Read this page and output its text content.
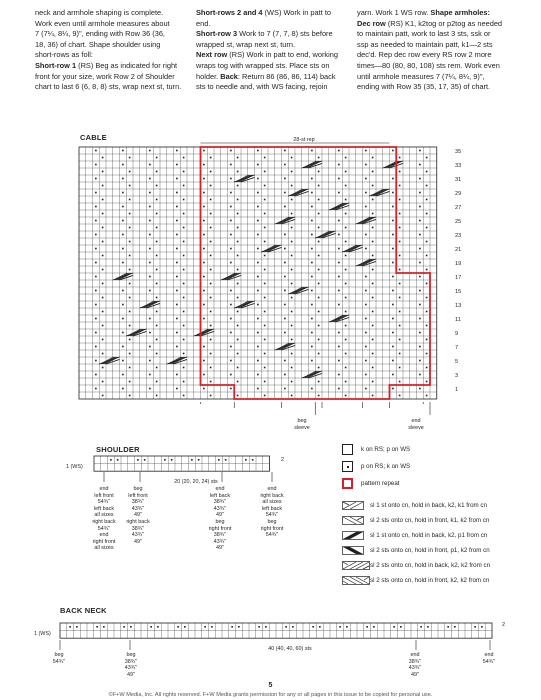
neck and armhole shaping is complete.
Work even until armhole measures about
7 (7¼, 8¼, 9)", ending with Row 36 (36,
18, 36) of chart. Shape shoulder using
short-rows as foll:
Short-row 1 (RS) Beg as indicated for right
front for your size, work Row 2 of Shoulder
chart to last 6 (6, 8, 8) sts, wrap next st, turn.

Short-rows 2 and 4 (WS) Work in patt to
end.
Short-row 3 Work to 7 (7, 7, 8) sts before
wrapped st, wrap next st, turn.
Next row (RS) Work in patt to end, working
wraps tog with wrapped sts. Place sts on
holder. Back: Return 86 (86, 86, 114) back
sts to needle and, with WS facing, rejoin

yarn. Work 1 WS row. Shape armholes:
Dec row (RS) K1, k2tog or p2tog as needed
to maintain patt, work to last 3 sts, ssk or
ssp as needed to maintain patt, k1—2 sts
dec'd. Rep dec row every RS row 2 more
times—80 (80, 80, 108) sts rem. Work even
until armhole measures 7 (7¼, 8¼, 9)",
ending with Row 35 (35, 17, 35) of chart.

CABLE	28-st rep
35
33
31
29
27
25
23
21
19
17
15
13
11
9
7
5
3
1
beg
sleeve
end
sleeve
SHOULDER
1 (WS)
2
20 (20, 20, 24) sts
end
left front
54¾"
left back
all sizes
right back
54¾"
end
right front
all sizes
beg
left front
38¾"
43¾"
49"
right back
38¾"
43¾"
49"
end
left back
38¾"
43¾"
49"
beg
right front
38¾"
43¾"
49"
end
right back
all sizes
left back
54¾"
beg
right front
54¾"
k on RS; p on WS
p on RS; k on WS
pattern repeat
sl 1 st onto cn, hold in back, k2, k1 from cn
sl 2 sts onto cn, hold in front, k1, k2 from cn
sl 1 st onto cn, hold in back, k2, p1 from cn
sl 2 sts onto cn, hold in front, p1, k2 from cn
sl 2 sts onto cn, hold in back, k2, k2 from cn
sl 2 sts onto cn, hold in front, k2, k2 from cn
BACK NECK
1 (WS)
2
40 (40, 40, 60) sts
beg
54¾"
beg
38¾"
43¾"
49"
end
38¾"
43¾"
49"
end
54¾"
5
©F+W Media, Inc. All rights reserved. F+W Media grants permission for any or all pages in this issue to be copied for personal use.
